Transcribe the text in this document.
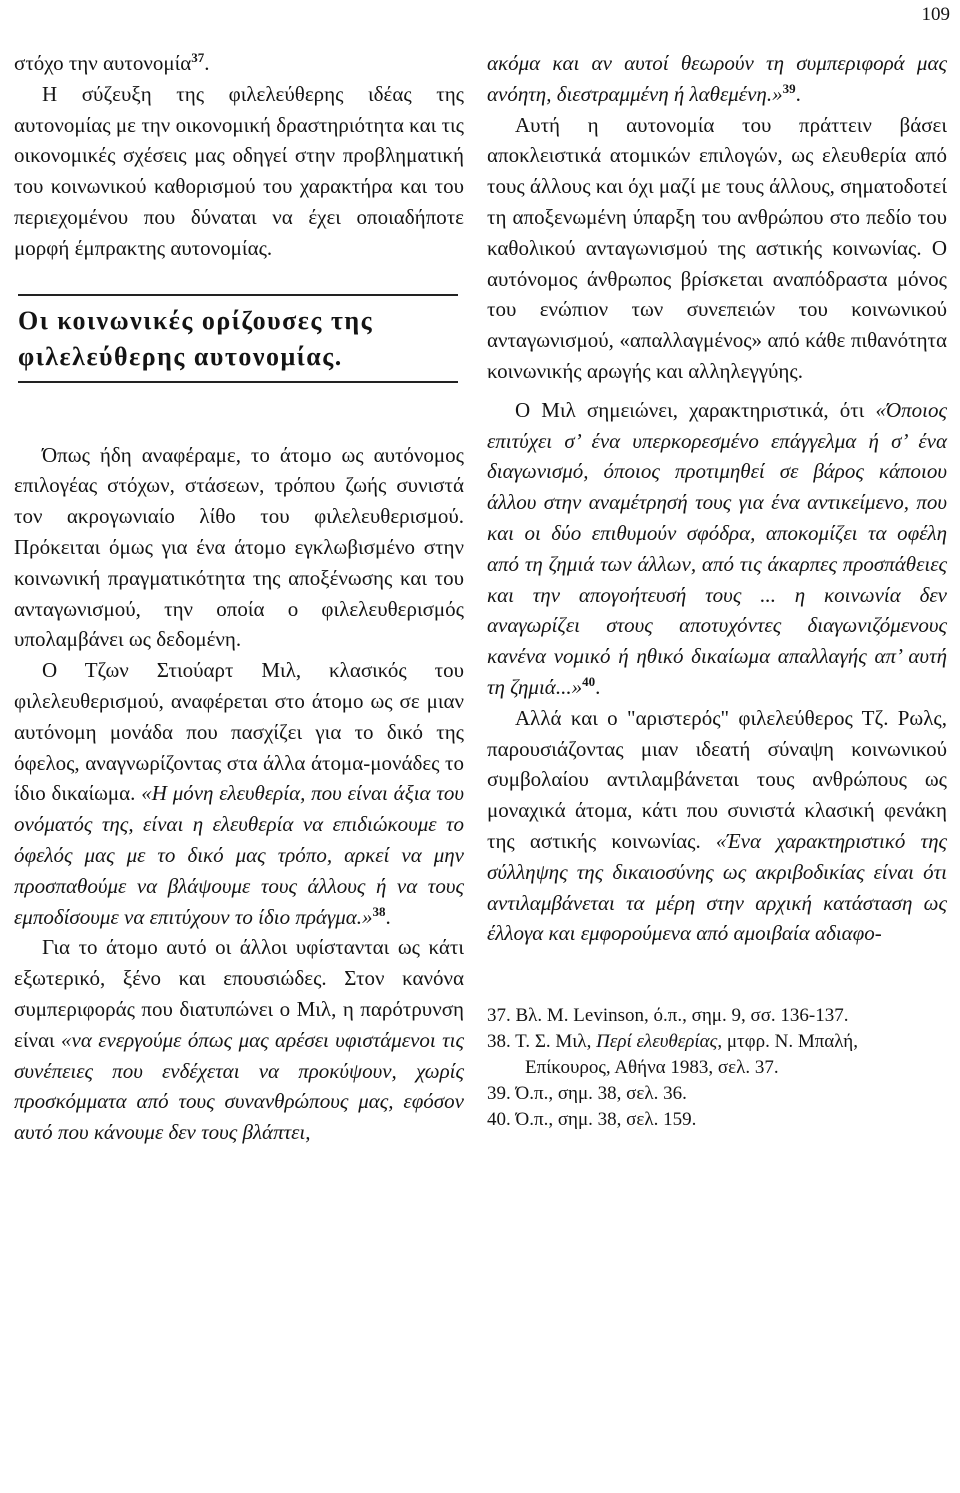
109

στόχο την αυτονομία$^{37}$.

Η σύζευξη της φιλελεύθερης ιδέας της αυτονομίας με την οικονομική δραστηριότητα και τις οικονομικές σχέσεις μας οδηγεί στην προβληματική του κοινωνικού καθορισμού του χαρακτήρα και του περιεχομένου που δύναται να έχει οποιαδήποτε μορφή έμπρακτης αυτονομίας.

Οι κοινωνικές ορίζουσες της
φιλελεύθερης αυτονομίας.

Όπως ήδη αναφέραμε, το άτομο ως αυτόνομος επιλογέας στόχων, στάσεων, τρόπου ζωής συνιστά τον ακρογωνιαίο λίθο του φιλελευθερισμού. Πρόκειται όμως για ένα άτομο εγκλωβισμένο στην κοινωνική πραγματικότητα της αποξένωσης και του ανταγωνισμού, την οποία ο φιλελευθερισμός υπολαμβάνει ως δεδομένη.

Ο Τζων Στιούαρτ Μιλ, κλασικός του φιλελευθερισμού, αναφέρεται στο άτομο ως σε μιαν αυτόνομη μονάδα που πασχίζει για το δικό της όφελος, αναγνωρίζοντας στα άλλα άτομα-μονάδες το ίδιο δικαίωμα. «Η μόνη ελευθερία, που είναι άξια του ονόματός της, είναι η ελευθερία να επιδιώκουμε το όφελός μας με το δικό μας τρόπο, αρκεί να μην προσπαθούμε να βλάψουμε τους άλλους ή να τους εμποδίσουμε να επιτύχουν το ίδιο πράγμα.»$^{38}$.

Για το άτομο αυτό οι άλλοι υφίστανται ως κάτι εξωτερικό, ξένο και επουσιώδες. Στον κανόνα συμπεριφοράς που διατυπώνει ο Μιλ, η παρότρυνση είναι «να ενεργούμε όπως μας αρέσει υφιστάμενοι τις συνέπειες που ενδέχεται να προκύψουν, χωρίς προσκόμματα από τους συνανθρώπους μας, εφόσον αυτό που κάνουμε δεν τους βλάπτει,

ακόμα και αν αυτοί θεωρούν τη συμπεριφορά μας ανόητη, διεστραμμένη ή λαθεμένη.»$^{39}$.

Αυτή η αυτονομία του πράττειν βάσει αποκλειστικά ατομικών επιλογών, ως ελευθερία από τους άλλους και όχι μαζί με τους άλλους, σηματοδοτεί τη αποξενωμένη ύπαρξη του ανθρώπου στο πεδίο του καθολικού ανταγωνισμού της αστικής κοινωνίας. Ο αυτόνομος άνθρωπος βρίσκεται αναπόδραστα μόνος του ενώπιον των συνεπειών του κοινωνικού ανταγωνισμού, «απαλλαγμένος» από κάθε πιθανότητα κοινωνικής αρωγής και αλληλεγγύης.

Ο Μιλ σημειώνει, χαρακτηριστικά, ότι «Όποιος επιτύχει σ’ ένα υπερκορεσμένο επάγγελμα ή σ’ ένα διαγωνισμό, όποιος προτιμηθεί σε βάρος κάποιου άλλου στην αναμέτρησή τους για ένα αντικείμενο, που και οι δύο επιθυμούν σφόδρα, αποκομίζει τα οφέλη από τη ζημιά των άλλων, από τις άκαρπες προσπάθειες και την απογοήτευσή τους ... η κοινωνία δεν αναγωρίζει στους αποτυχόντες διαγωνιζόμενους κανένα νομικό ή ηθικό δικαίωμα απαλλαγής απ’ αυτή τη ζημιά...»$^{40}$.

Αλλά και ο "αριστερός" φιλελεύθερος Τζ. Ρωλς, παρουσιάζοντας μιαν ιδεατή σύναψη κοινωνικού συμβολαίου αντιλαμβάνεται τους ανθρώπους ως μοναχικά άτομα, κάτι που συνιστά κλασική φενάκη της αστικής κοινωνίας. «Ένα χαρακτηριστικό της σύλληψης της δικαιοσύνης ως ακριβοδικίας είναι ότι αντιλαμβάνεται τα μέρη στην αρχική κατάσταση ως έλλογα και εμφορούμενα από αμοιβαία αδιαφο-

37. Βλ. M. Levinson, ό.π., σημ. 9, σσ. 136-137.

38. Τ. Σ. Μιλ, Περί ελευθερίας, μτφρ. Ν. Μπαλή,

Επίκουρος, Αθήνα 1983, σελ. 37.

39. Ό.π., σημ. 38, σελ. 36.

40. Ό.π., σημ. 38, σελ. 159.
